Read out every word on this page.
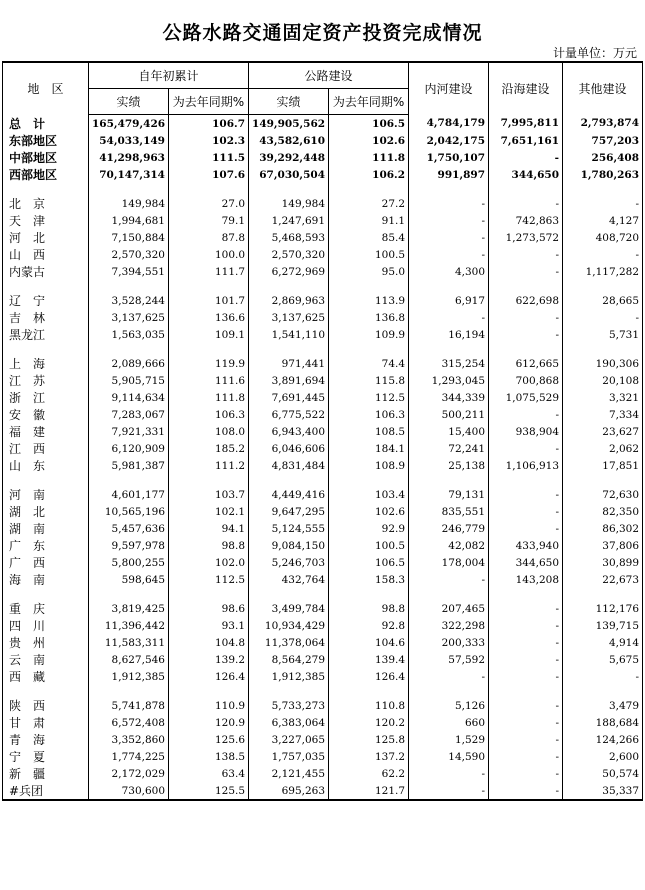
公路水路交通固定资产投资完成情况
计量单位：万元
地　区	自年初累计		公路建设		内河建设	沿海建设	其他建设
	实绩	为去年同期%	实绩	为去年同期%			
总　计	165,479,426	106.7	149,905,562	106.5	4,784,179	7,995,811	2,793,874
东部地区	54,033,149	102.3	43,582,610	102.6	2,042,175	7,651,161	757,203
中部地区	41,298,963	111.5	39,292,448	111.8	1,750,107	-	256,408
西部地区	70,147,314	107.6	67,030,504	106.2	991,897	344,650	1,780,263

北　京	149,984	27.0	149,984	27.2	-	-	-
天　津	1,994,681	79.1	1,247,691	91.1	-	742,863	4,127
河　北	7,150,884	87.8	5,468,593	85.4	-	1,273,572	408,720
山　西	2,570,320	100.0	2,570,320	100.5	-	-	-
内蒙古	7,394,551	111.7	6,272,969	95.0	4,300	-	1,117,282

辽　宁	3,528,244	101.7	2,869,963	113.9	6,917	622,698	28,665
吉　林	3,137,625	136.6	3,137,625	136.8	-	-	-
黑龙江	1,563,035	109.1	1,541,110	109.9	16,194	-	5,731

上　海	2,089,666	119.9	971,441	74.4	315,254	612,665	190,306
江　苏	5,905,715	111.6	3,891,694	115.8	1,293,045	700,868	20,108
浙　江	9,114,634	111.8	7,691,445	112.5	344,339	1,075,529	3,321
安　徽	7,283,067	106.3	6,775,522	106.3	500,211	-	7,334
福　建	7,921,331	108.0	6,943,400	108.5	15,400	938,904	23,627
江　西	6,120,909	185.2	6,046,606	184.1	72,241	-	2,062
山　东	5,981,387	111.2	4,831,484	108.9	25,138	1,106,913	17,851

河　南	4,601,177	103.7	4,449,416	103.4	79,131	-	72,630
湖　北	10,565,196	102.1	9,647,295	102.6	835,551	-	82,350
湖　南	5,457,636	94.1	5,124,555	92.9	246,779	-	86,302
广　东	9,597,978	98.8	9,084,150	100.5	42,082	433,940	37,806
广　西	5,800,255	102.0	5,246,703	106.5	178,004	344,650	30,899
海　南	598,645	112.5	432,764	158.3	-	143,208	22,673

重　庆	3,819,425	98.6	3,499,784	98.8	207,465	-	112,176
四　川	11,396,442	93.1	10,934,429	92.8	322,298	-	139,715
贵　州	11,583,311	104.8	11,378,064	104.6	200,333	-	4,914
云　南	8,627,546	139.2	8,564,279	139.4	57,592	-	5,675
西　藏	1,912,385	126.4	1,912,385	126.4	-	-	-

陕　西	5,741,878	110.9	5,733,273	110.8	5,126	-	3,479
甘　肃	6,572,408	120.9	6,383,064	120.2	660	-	188,684
青　海	3,352,860	125.6	3,227,065	125.8	1,529	-	124,266
宁　夏	1,774,225	138.5	1,757,035	137.2	14,590	-	2,600
新　疆	2,172,029	63.4	2,121,455	62.2	-	-	50,574
#兵团	730,600	125.5	695,263	121.7	-	-	35,337
